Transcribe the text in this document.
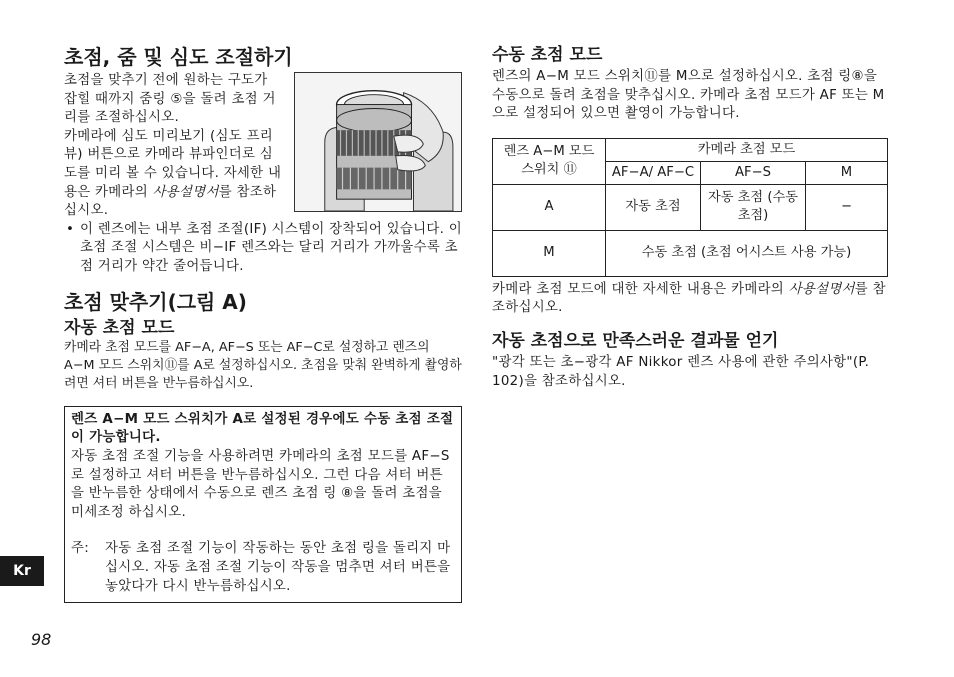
초점, 줌 및 심도 조절하기

초점을 맞추기 전에 원하는 구도가 잡힐 때까지 줌링 ⑤을 돌려 초점 거리를 조절하십시오.

카메라에 심도 미리보기 (심도 프리뷰) 버튼으로 카메라 뷰파인더로 심도를 미리 볼 수 있습니다. 자세한 내용은 카메라의 사용설명서를 참조하십시오.

• 이 렌즈에는 내부 초점 조절(IF) 시스템이 장착되어 있습니다. 이 초점 조절 시스템은 비−IF 렌즈와는 달리 거리가 가까울수록 초점 거리가 약간 줄어듭니다.
초점 맞추기(그림 A)
자동 초점 모드

카메라 초점 모드를 AF−A, AF−S 또는 AF−C로 설정하고 렌즈의 A−M 모드 스위치⑪를 A로 설정하십시오. 초점을 맞춰 완벽하게 촬영하려면 셔터 버튼을 반누름하십시오.

렌즈 A−M 모드 스위치가 A로 설정된 경우에도 수동 초점 조절이 가능합니다.

자동 초점 조절 기능을 사용하려면 카메라의 초점 모드를 AF−S로 설정하고 셔터 버튼을 반누름하십시오. 그런 다음 셔터 버튼을 반누름한 상태에서 수동으로 렌즈 초점 링 ⑧을 돌려 초점을 미세조정 하십시오.

주:	자동 초점 조절 기능이 작동하는 동안 초점 링을 돌리지 마십시오. 자동 초점 조절 기능이 작동을 멈추면 셔터 버튼을 놓았다가 다시 반누름하십시오.
수동 초점 모드

렌즈의 A−M 모드 스위치⑪를 M으로 설정하십시오. 초점 링⑧을 수동으로 돌려 초점을 맞추십시오. 카메라 초점 모드가 AF 또는 M으로 설정되어 있으면 촬영이 가능합니다.

렌즈 A−M 모드 스위치 ⑪	카메라 초점 모드		
	AF−A/ AF−C	AF−S	M
A	자동 초점	자동 초점 (수동 초점)	−
M	수동 초점 (초점 어시스트 사용 가능)		

카메라 초점 모드에 대한 자세한 내용은 카메라의 사용설명서를 참조하십시오.

자동 초점으로 만족스러운 결과물 얻기

"광각 또는 초−광각 AF Nikkor 렌즈 사용에 관한 주의사항"(P. 102)을 참조하십시오.

Kr
98
